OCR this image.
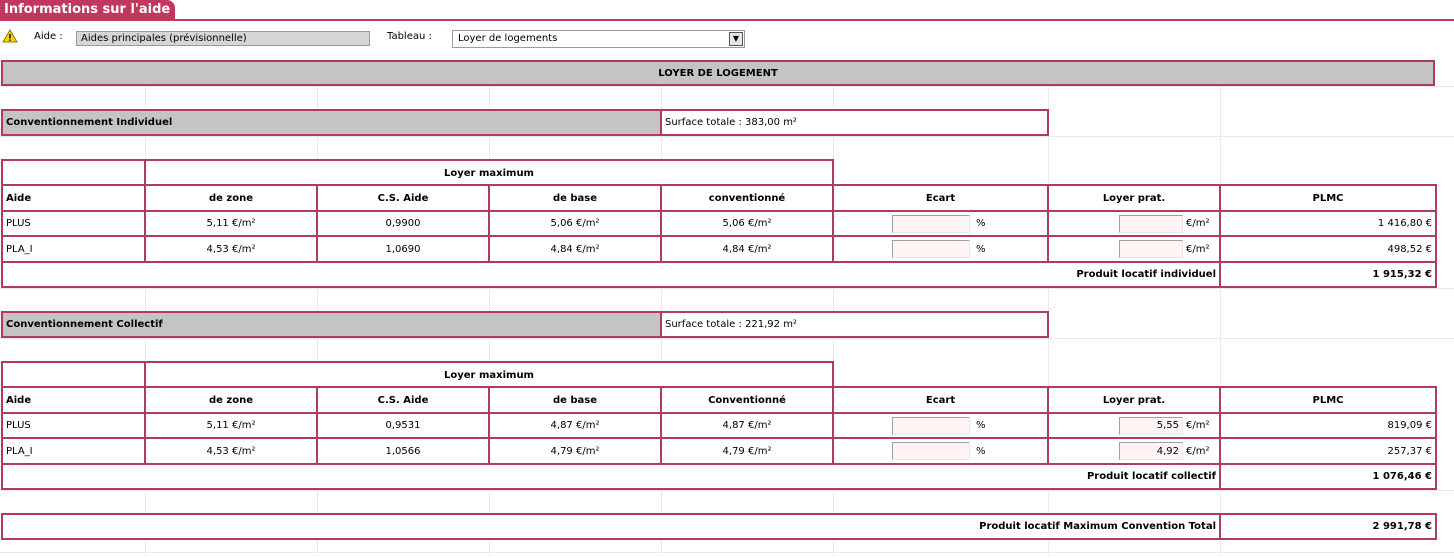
Informations sur l'aide
Aide :	Aides principales (prévisionnelle)	Tableau :	Loyer de logements	▼
LOYER DE LOGEMENT
Conventionnement Individuel	Surface totale : 383,00 m²
Loyer maximum
Aide	de zone	C.S. Aide	de base	conventionné	Ecart	Loyer prat.	PLMC
PLUS	5,11 €/m²	0,9900	5,06 €/m²	5,06 €/m²	%	€/m²	1 416,80 €
PLA_I	4,53 €/m²	1,0690	4,84 €/m²	4,84 €/m²	%	€/m²	498,52 €
Produit locatif individuel	1 915,32 €
Conventionnement Collectif	Surface totale : 221,92 m²
Loyer maximum
Aide	de zone	C.S. Aide	de base	Conventionné	Ecart	Loyer prat.	PLMC
PLUS	5,11 €/m²	0,9531	4,87 €/m²	4,87 €/m²	%	5,55 €/m²	819,09 €
PLA_I	4,53 €/m²	1,0566	4,79 €/m²	4,79 €/m²	%	4,92 €/m²	257,37 €
Produit locatif collectif	1 076,46 €
Produit locatif Maximum Convention Total	2 991,78 €
